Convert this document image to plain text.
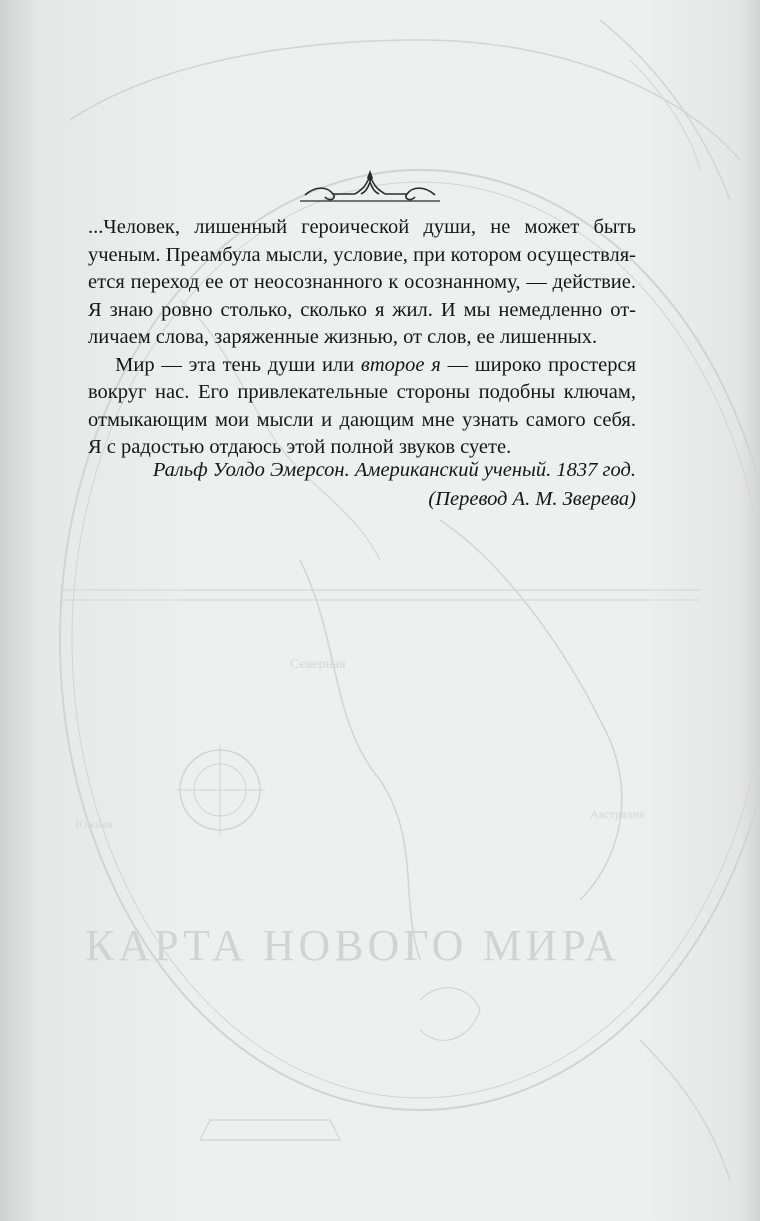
КАРТА НОВОГО МИРА
Австралия
Северная
Южная
...Человек, лишенный героической души, не может быть
ученым. Преамбула мысли, условие, при котором осуществля-
ется переход ее от неосознанного к осознанному, — действие.
Я знаю ровно столько, сколько я жил. И мы немедленно от-
личаем слова, заряженные жизнью, от слов, ее лишенных.
Мир — эта тень души или второе я — широко простерся
вокруг нас. Его привлекательные стороны подобны ключам,
отмыкающим мои мысли и дающим мне узнать самого себя.
Я с радостью отдаюсь этой полной звуков суете.
Ральф Уолдо Эмерсон. Американский ученый. 1837 год.
(Перевод А. М. Зверева)
